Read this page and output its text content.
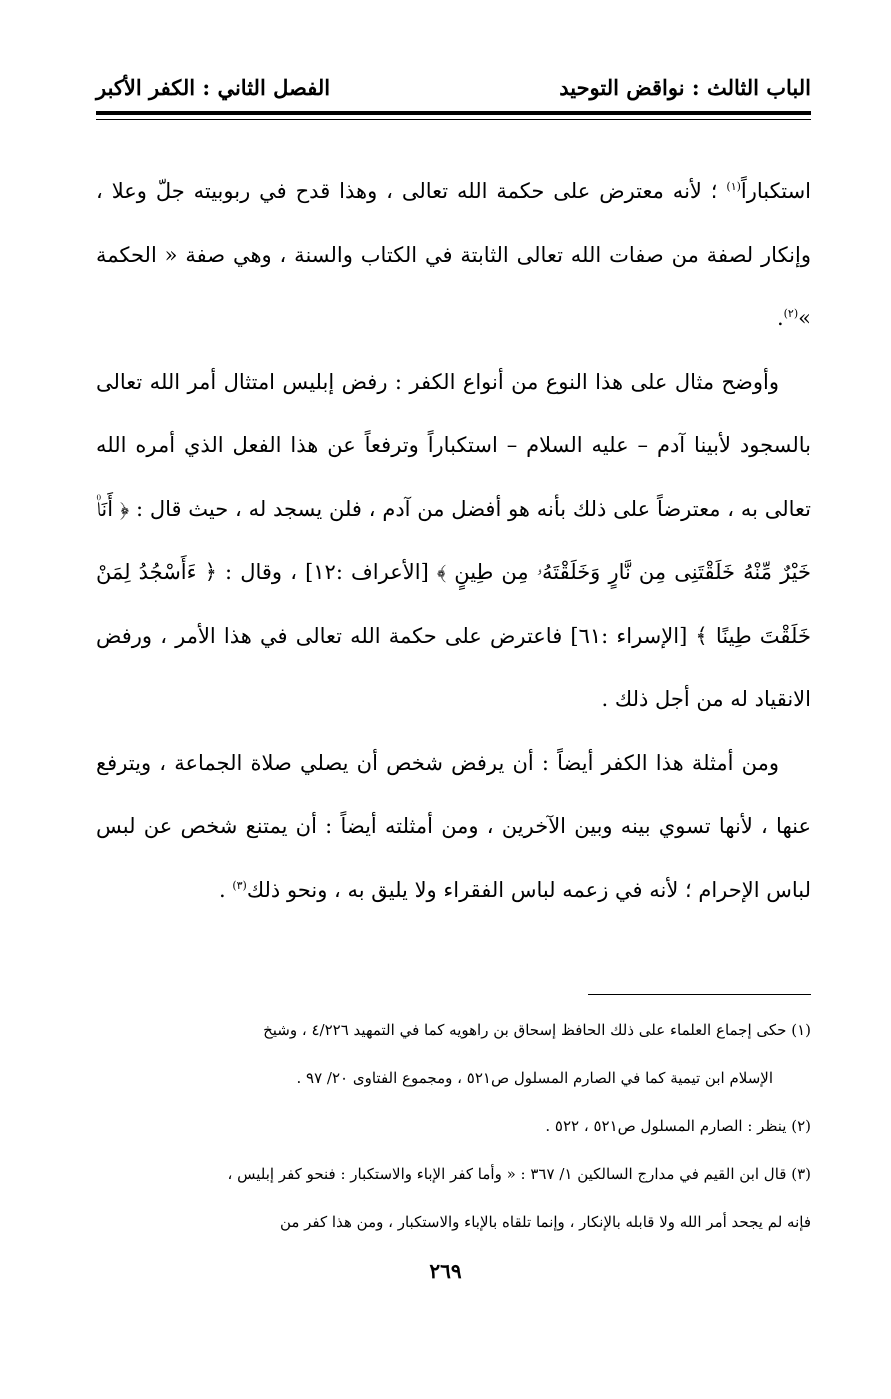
الباب الثالث : نواقض التوحيد
الفصل الثاني : الكفر الأكبر

استكباراً$^{(١)}$ ؛ لأنه معترض على حكمة الله تعالى ، وهذا قدح في ربوبيته جلّ وعلا ، وإنكار لصفة من صفات الله تعالى الثابتة في الكتاب والسنة ، وهي صفة « الحكمة »$^{(٢)}$.

وأوضح مثال على هذا النوع من أنواع الكفر : رفض إبليس امتثال أمر الله تعالى بالسجود لأبينا آدم – عليه السلام – استكباراً وترفعاً عن هذا الفعل الذي أمره الله تعالى به ، معترضاً على ذلك بأنه هو أفضل من آدم ، فلن يسجد له ، حيث قال : ﴿ أَنَا۠ خَيْرٌ مِّنْهُ خَلَقْتَنِى مِن نَّارٍ وَخَلَقْتَهُۥ مِن طِينٍ ﴾ [الأعراف :١٢] ، وقال : ﴿ ءَأَسْجُدُ لِمَنْ خَلَقْتَ طِينًا ﴾ [الإسراء :٦١] فاعترض على حكمة الله تعالى في هذا الأمر ، ورفض الانقياد له من أجل ذلك .

ومن أمثلة هذا الكفر أيضاً : أن يرفض شخص أن يصلي صلاة الجماعة ، ويترفع عنها ، لأنها تسوي بينه وبين الآخرين ، ومن أمثلته أيضاً : أن يمتنع شخص عن لبس لباس الإحرام ؛ لأنه في زعمه لباس الفقراء ولا يليق به ، ونحو ذلك$^{(٣)}$ .

(١) حكى إجماع العلماء على ذلك الحافظ إسحاق بن راهويه كما في التمهيد ٤/٢٢٦ ، وشيخ

الإسلام ابن تيمية كما في الصارم المسلول ص٥٢١ ، ومجموع الفتاوى ٢٠/ ٩٧ .

(٢) ينظر : الصارم المسلول ص٥٢١ ، ٥٢٢ .

(٣) قال ابن القيم في مدارج السالكين ١/ ٣٦٧ : « وأما كفر الإباء والاستكبار : فنحو كفر إبليس ،

فإنه لم يجحد أمر الله ولا قابله بالإنكار ، وإنما تلقاه بالإباء والاستكبار ، ومن هذا كفر من

٢٦٩
